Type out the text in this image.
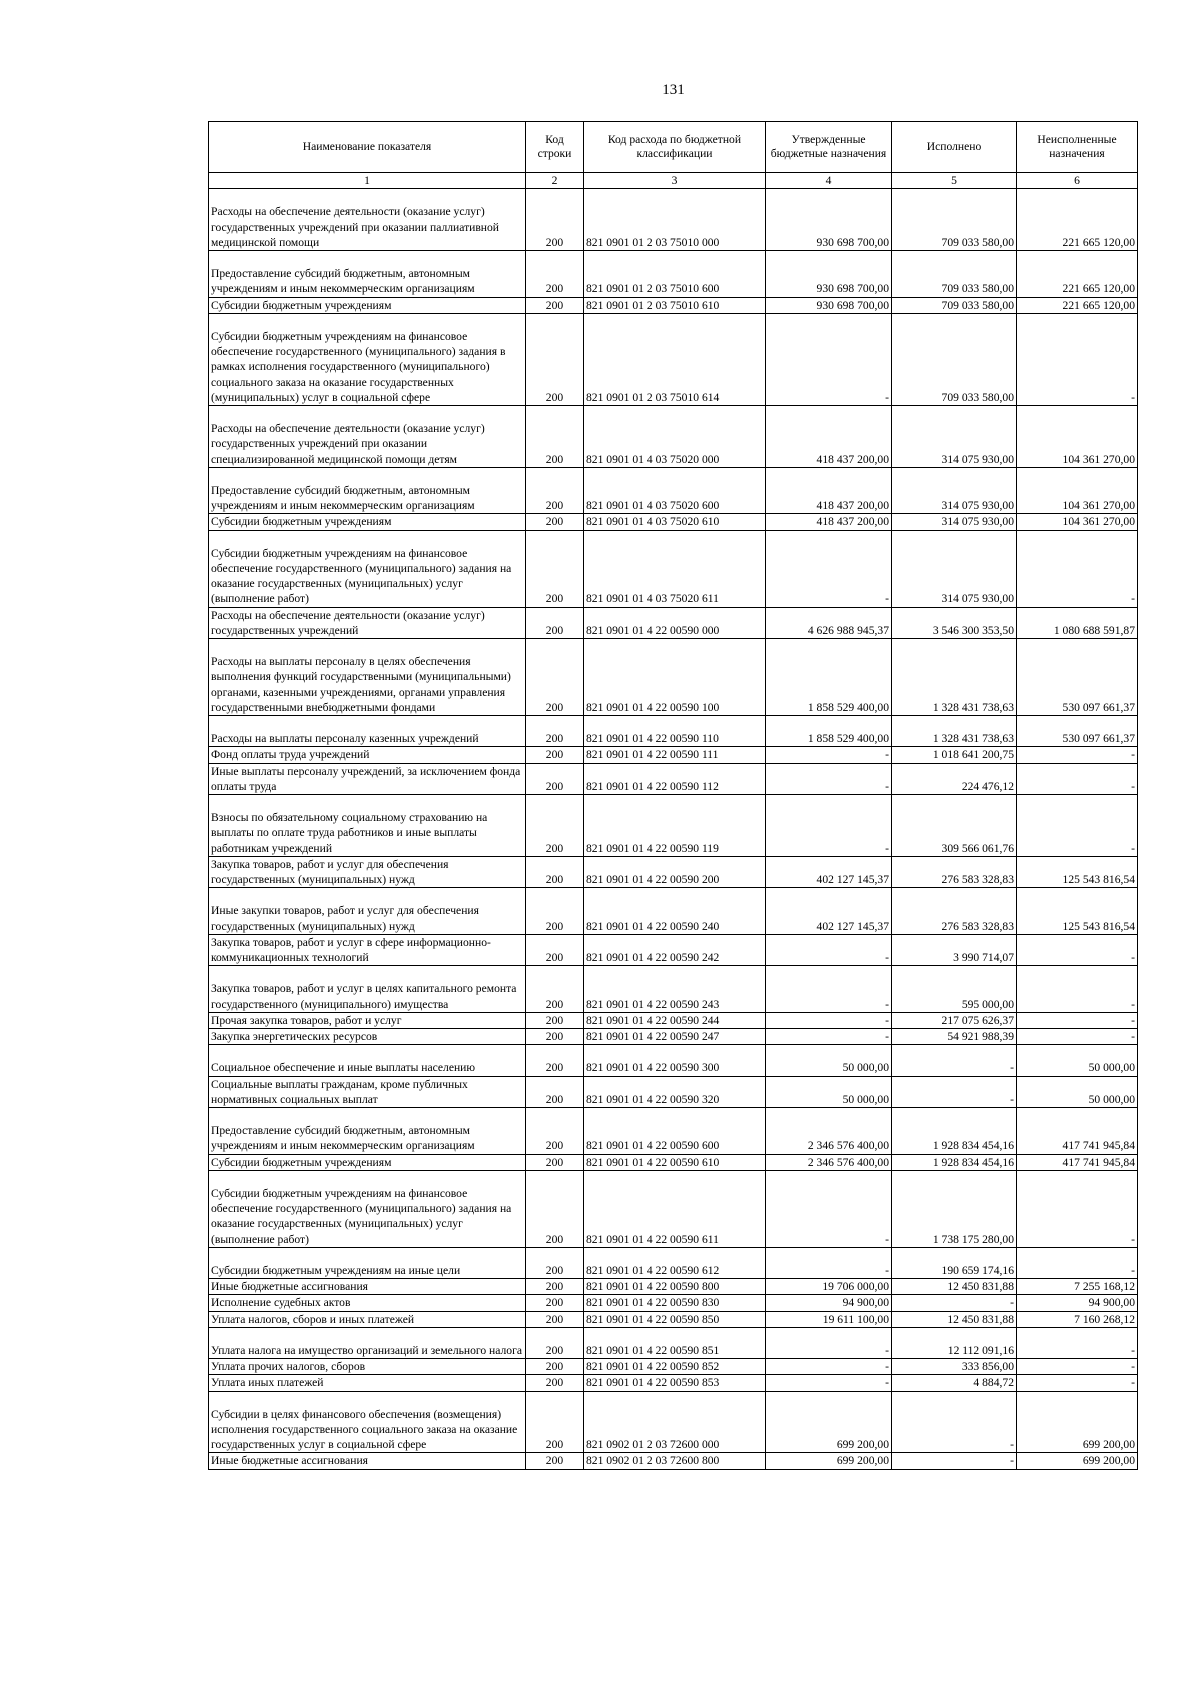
131
Наименование показателя	Код строки	Код расхода по бюджетной классификации	Утвержденные бюджетные назначения	Исполнено	Неисполненные назначения
1	2	3	4	5	6
Расходы на обеспечение деятельности (оказание услуг) государственных учреждений при оказании паллиативной медицинской помощи	200	821 0901 01 2 03 75010 000	930 698 700,00	709 033 580,00	221 665 120,00
Предоставление субсидий бюджетным, автономным учреждениям и иным некоммерческим организациям	200	821 0901 01 2 03 75010 600	930 698 700,00	709 033 580,00	221 665 120,00
Субсидии бюджетным учреждениям	200	821 0901 01 2 03 75010 610	930 698 700,00	709 033 580,00	221 665 120,00
Субсидии бюджетным учреждениям на финансовое обеспечение государственного (муниципального) задания в рамках исполнения государственного (муниципального) социального заказа на оказание государственных (муниципальных) услуг в социальной сфере	200	821 0901 01 2 03 75010 614	-	709 033 580,00	-
Расходы на обеспечение деятельности (оказание услуг) государственных учреждений при оказании специализированной медицинской помощи детям	200	821 0901 01 4 03 75020 000	418 437 200,00	314 075 930,00	104 361 270,00
Предоставление субсидий бюджетным, автономным учреждениям и иным некоммерческим организациям	200	821 0901 01 4 03 75020 600	418 437 200,00	314 075 930,00	104 361 270,00
Субсидии бюджетным учреждениям	200	821 0901 01 4 03 75020 610	418 437 200,00	314 075 930,00	104 361 270,00
Субсидии бюджетным учреждениям на финансовое обеспечение государственного (муниципального) задания на оказание государственных (муниципальных) услуг (выполнение работ)	200	821 0901 01 4 03 75020 611	-	314 075 930,00	-
Расходы на обеспечение деятельности (оказание услуг) государственных учреждений	200	821 0901 01 4 22 00590 000	4 626 988 945,37	3 546 300 353,50	1 080 688 591,87
Расходы на выплаты персоналу в целях обеспечения выполнения функций государственными (муниципальными) органами, казенными учреждениями, органами управления государственными внебюджетными фондами	200	821 0901 01 4 22 00590 100	1 858 529 400,00	1 328 431 738,63	530 097 661,37
Расходы на выплаты персоналу казенных учреждений	200	821 0901 01 4 22 00590 110	1 858 529 400,00	1 328 431 738,63	530 097 661,37
Фонд оплаты труда учреждений	200	821 0901 01 4 22 00590 111	-	1 018 641 200,75	-
Иные выплаты персоналу учреждений, за исключением фонда оплаты труда	200	821 0901 01 4 22 00590 112	-	224 476,12	-
Взносы по обязательному социальному страхованию на выплаты по оплате труда работников и иные выплаты работникам учреждений	200	821 0901 01 4 22 00590 119	-	309 566 061,76	-
Закупка товаров, работ и услуг для обеспечения государственных (муниципальных) нужд	200	821 0901 01 4 22 00590 200	402 127 145,37	276 583 328,83	125 543 816,54
Иные закупки товаров, работ и услуг для обеспечения государственных (муниципальных) нужд	200	821 0901 01 4 22 00590 240	402 127 145,37	276 583 328,83	125 543 816,54
Закупка товаров, работ и услуг в сфере информационно-коммуникационных технологий	200	821 0901 01 4 22 00590 242	-	3 990 714,07	-
Закупка товаров, работ и услуг в целях капитального ремонта государственного (муниципального) имущества	200	821 0901 01 4 22 00590 243	-	595 000,00	-
Прочая закупка товаров, работ и услуг	200	821 0901 01 4 22 00590 244	-	217 075 626,37	-
Закупка энергетических ресурсов	200	821 0901 01 4 22 00590 247	-	54 921 988,39	-
Социальное обеспечение и иные выплаты населению	200	821 0901 01 4 22 00590 300	50 000,00	-	50 000,00
Социальные выплаты гражданам, кроме публичных нормативных социальных выплат	200	821 0901 01 4 22 00590 320	50 000,00	-	50 000,00
Предоставление субсидий бюджетным, автономным учреждениям и иным некоммерческим организациям	200	821 0901 01 4 22 00590 600	2 346 576 400,00	1 928 834 454,16	417 741 945,84
Субсидии бюджетным учреждениям	200	821 0901 01 4 22 00590 610	2 346 576 400,00	1 928 834 454,16	417 741 945,84
Субсидии бюджетным учреждениям на финансовое обеспечение государственного (муниципального) задания на оказание государственных (муниципальных) услуг (выполнение работ)	200	821 0901 01 4 22 00590 611	-	1 738 175 280,00	-
Субсидии бюджетным учреждениям на иные цели	200	821 0901 01 4 22 00590 612	-	190 659 174,16	-
Иные бюджетные ассигнования	200	821 0901 01 4 22 00590 800	19 706 000,00	12 450 831,88	7 255 168,12
Исполнение судебных актов	200	821 0901 01 4 22 00590 830	94 900,00	-	94 900,00
Уплата налогов, сборов и иных платежей	200	821 0901 01 4 22 00590 850	19 611 100,00	12 450 831,88	7 160 268,12
Уплата налога на имущество организаций и земельного налога	200	821 0901 01 4 22 00590 851	-	12 112 091,16	-
Уплата прочих налогов, сборов	200	821 0901 01 4 22 00590 852	-	333 856,00	-
Уплата иных платежей	200	821 0901 01 4 22 00590 853	-	4 884,72	-
Субсидии в целях финансового обеспечения (возмещения) исполнения государственного социального заказа на оказание государственных услуг в социальной сфере	200	821 0902 01 2 03 72600 000	699 200,00	-	699 200,00
Иные бюджетные ассигнования	200	821 0902 01 2 03 72600 800	699 200,00	-	699 200,00
